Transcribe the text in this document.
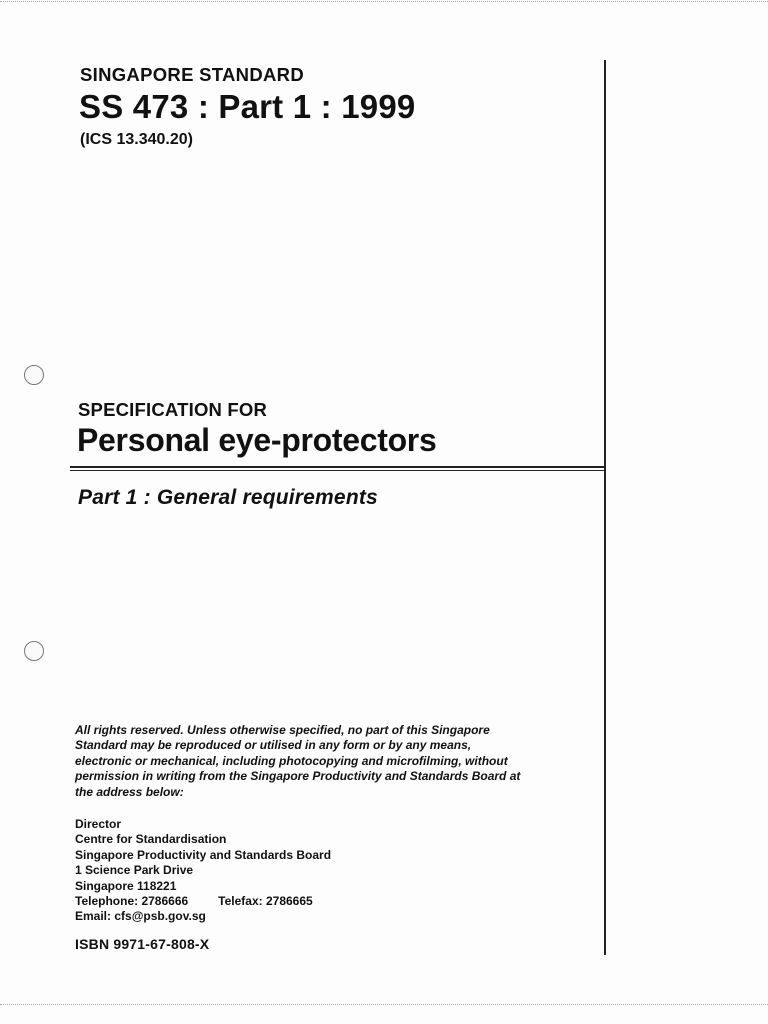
SINGAPORE STANDARD

SS 473 : Part 1 : 1999

(ICS 13.340.20)

SPECIFICATION FOR

Personal eye-protectors

Part 1 : General requirements

All rights reserved. Unless otherwise specified, no part of this Singapore
Standard may be reproduced or utilised in any form or by any means,
electronic or mechanical, including photocopying and microfilming, without
permission in writing from the Singapore Productivity and Standards Board at
the address below:
Director
Centre for Standardisation
Singapore Productivity and Standards Board
1 Science Park Drive
Singapore 118221
Telephone: 2786666	Telefax: 2786665
Email: cfs@psb.gov.sg

ISBN 9971-67-808-X
